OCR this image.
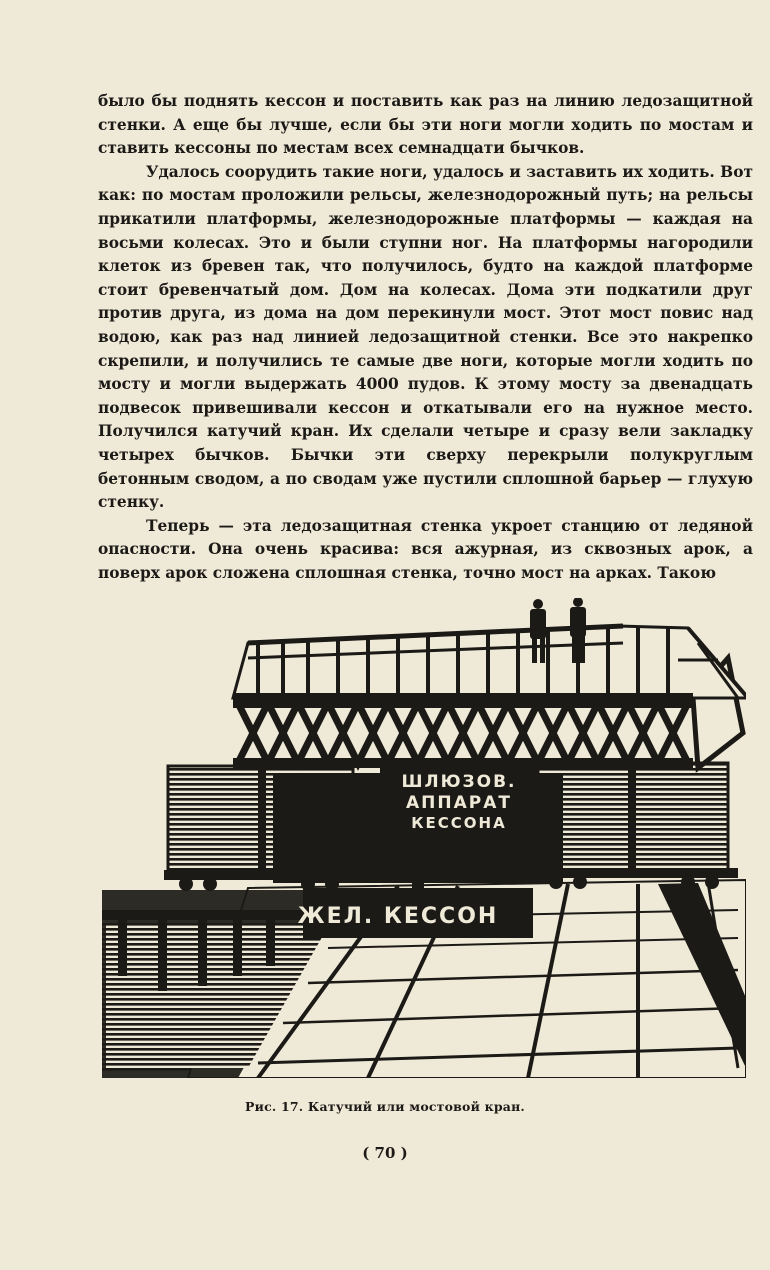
было бы поднять кессон и поставить как раз на линию ледозащитной стенки. А еще бы лучше, если бы эти ноги могли ходить по мостам и ставить кессоны по местам всех семнадцати бычков.

Удалось соорудить такие ноги, удалось и заставить их ходить. Вот как: по мостам проложили рельсы, железнодорожный путь; на рельсы прикатили платформы, железнодорожные платформы — каждая на восьми колесах. Это и были ступни ног. На платформы нагородили клеток из бревен так, что получилось, будто на каждой платформе стоит бревенчатый дом. Дом на колесах. Дома эти подкатили друг против друга, из дома на дом перекинули мост. Этот мост повис над водою, как раз над линией ледозащитной стенки. Все это накрепко скрепили, и получились те самые две ноги, которые могли ходить по мосту и могли выдержать 4000 пудов. К этому мосту за двенадцать подвесок привешивали кессон и откатывали его на нужное место. Получился катучий кран. Их сделали четыре и сразу вели закладку четырех бычков. Бычки эти сверху перекрыли полукруглым бетонным сводом, а по сводам уже пустили сплошной барьер — глухую стенку.

Теперь — эта ледозащитная стенка укроет станцию от ледяной опасности. Она очень красива: вся ажурная, из сквозных арок, а поверх арок сложена сплошная стенка, точно мост на арках. Такою

ШЛЮЗОВ.
АППАРАТ
КЕССОНА
ЖЕЛ. КЕССОН
Рис. 17. Катучий или мостовой кран.
( 70 )
